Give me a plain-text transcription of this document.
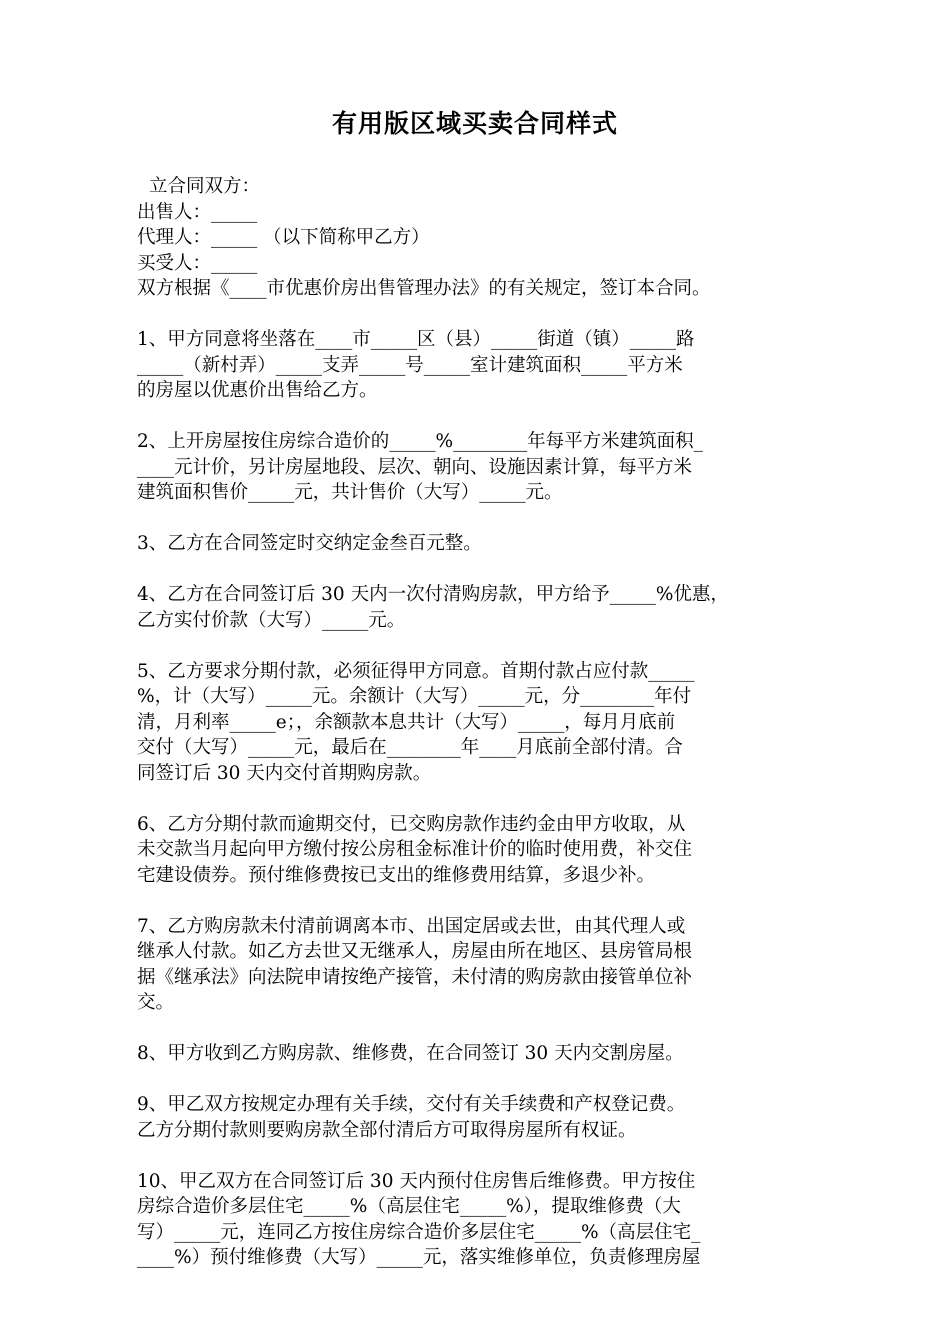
有用版区域买卖合同样式
立合同双方：
出售人：_____
代理人：_____ （以下简称甲乙方）
买受人：_____
双方根据《____市优惠价房出售管理办法》的有关规定，签订本合同。
1、甲方同意将坐落在____市_____区（县）_____街道（镇）_____路
_____（新村弄）_____支弄_____号_____室计建筑面积_____平方米
的房屋以优惠价出售给乙方。
2、上开房屋按住房综合造价的_____%________年每平方米建筑面积_
____元计价，另计房屋地段、层次、朝向、设施因素计算，每平方米
建筑面积售价_____元，共计售价（大写）_____元。
3、乙方在合同签定时交纳定金叁百元整。
4、乙方在合同签订后 30 天内一次付清购房款，甲方给予_____%优惠，
乙方实付价款（大写）_____元。
5、乙方要求分期付款，必须征得甲方同意。首期付款占应付款_____
%，计（大写）_____元。余额计（大写）_____元，分________年付
清，月利率_____e；，余额款本息共计（大写）_____，每月月底前
交付（大写）_____元，最后在________年____月底前全部付清。合
同签订后 30 天内交付首期购房款。
6、乙方分期付款而逾期交付，已交购房款作违约金由甲方收取，从
未交款当月起向甲方缴付按公房租金标准计价的临时使用费，补交住
宅建设债券。预付维修费按已支出的维修费用结算，多退少补。
7、乙方购房款未付清前调离本市、出国定居或去世，由其代理人或
继承人付款。如乙方去世又无继承人，房屋由所在地区、县房管局根
据《继承法》向法院申请按绝产接管，未付清的购房款由接管单位补
交。
8、甲方收到乙方购房款、维修费，在合同签订 30 天内交割房屋。
9、甲乙双方按规定办理有关手续，交付有关手续费和产权登记费。
乙方分期付款则要购房款全部付清后方可取得房屋所有权证。
10、甲乙双方在合同签订后 30 天内预付住房售后维修费。甲方按住
房综合造价多层住宅_____%（高层住宅_____%），提取维修费（大
写）_____元，连同乙方按住房综合造价多层住宅_____%（高层住宅_
____%）预付维修费（大写）_____元，落实维修单位，负责修理房屋
